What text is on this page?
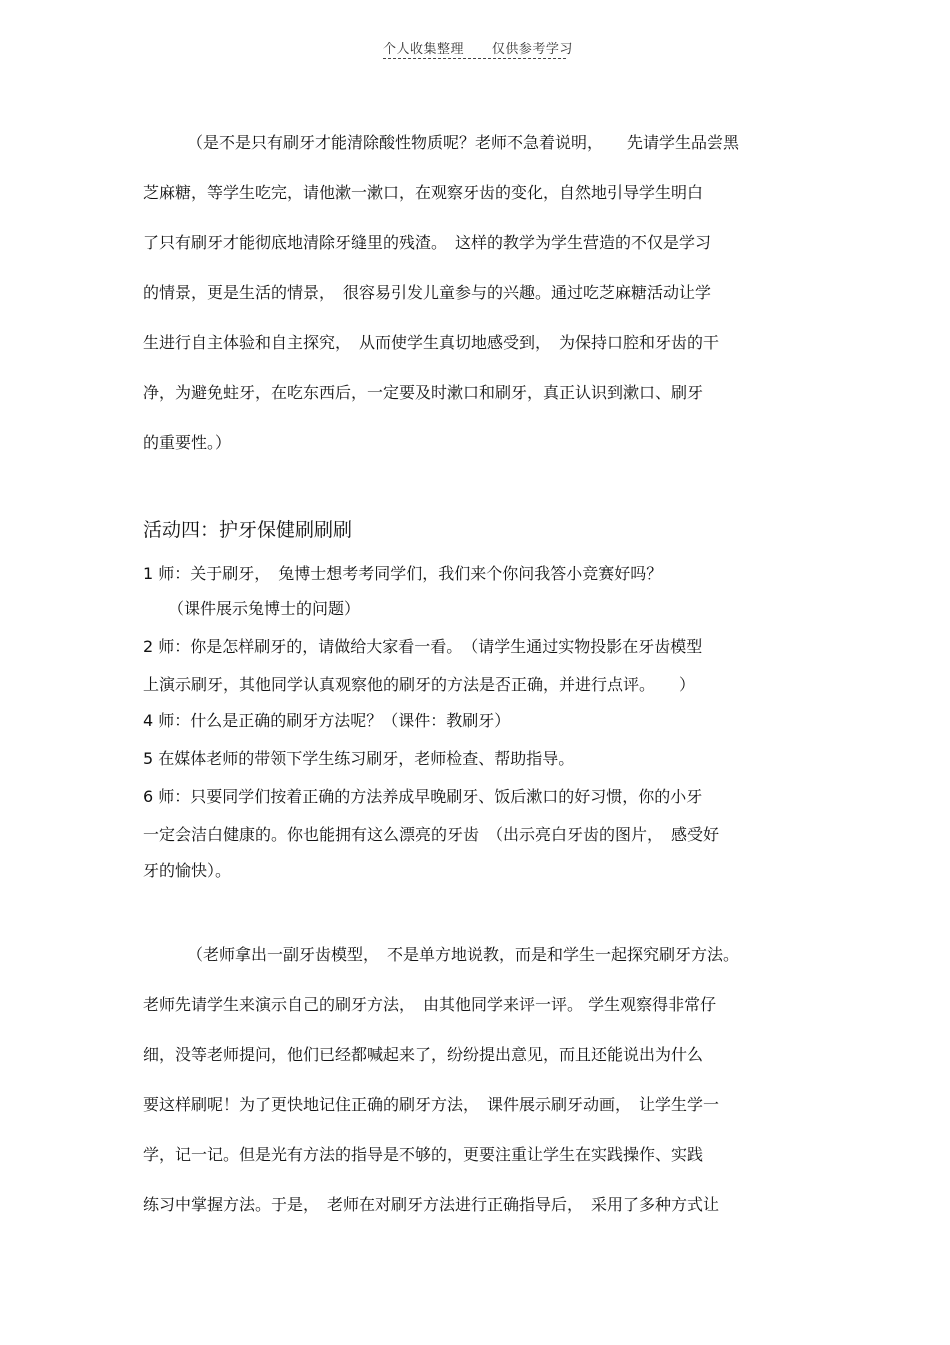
个人收集整理 仅供参考学习
（是不是只有刷牙才能清除酸性物质呢？老师不急着说明，　　先请学生品尝黑
芝麻糖，等学生吃完，请他漱一漱口，在观察牙齿的变化，自然地引导学生明白
了只有刷牙才能彻底地清除牙缝里的残渣。　这样的教学为学生营造的不仅是学习
的情景，更是生活的情景，　很容易引发儿童参与的兴趣。通过吃芝麻糖活动让学
生进行自主体验和自主探究，　从而使学生真切地感受到，　为保持口腔和牙齿的干
净，为避免蛀牙，在吃东西后，一定要及时漱口和刷牙，真正认识到漱口、刷牙
的重要性。）
活动四：护牙保健刷刷刷
1 师：关于刷牙，　兔博士想考考同学们，我们来个你问我答小竞赛好吗？
　（课件展示兔博士的问题）
2 师：你是怎样刷牙的，请做给大家看一看。　（请学生通过实物投影在牙齿模型
上演示刷牙，其他同学认真观察他的刷牙的方法是否正确，并进行点评。　　）
4 师：什么是正确的刷牙方法呢？（课件：教刷牙）
5 在媒体老师的带领下学生练习刷牙，老师检查、帮助指导。
6 师：只要同学们按着正确的方法养成早晚刷牙、饭后漱口的好习惯，你的小牙
一定会洁白健康的。你也能拥有这么漂亮的牙齿　（出示亮白牙齿的图片，　感受好
牙的愉快）。
（老师拿出一副牙齿模型，　不是单方地说教，而是和学生一起探究刷牙方法。
老师先请学生来演示自己的刷牙方法，　由其他同学来评一评。 学生观察得非常仔
细，没等老师提问，他们已经都喊起来了，纷纷提出意见，而且还能说出为什么
要这样刷呢！为了更快地记住正确的刷牙方法，　课件展示刷牙动画，　让学生学一
学，记一记。但是光有方法的指导是不够的，更要注重让学生在实践操作、实践
练习中掌握方法。于是，　老师在对刷牙方法进行正确指导后，　采用了多种方式让
